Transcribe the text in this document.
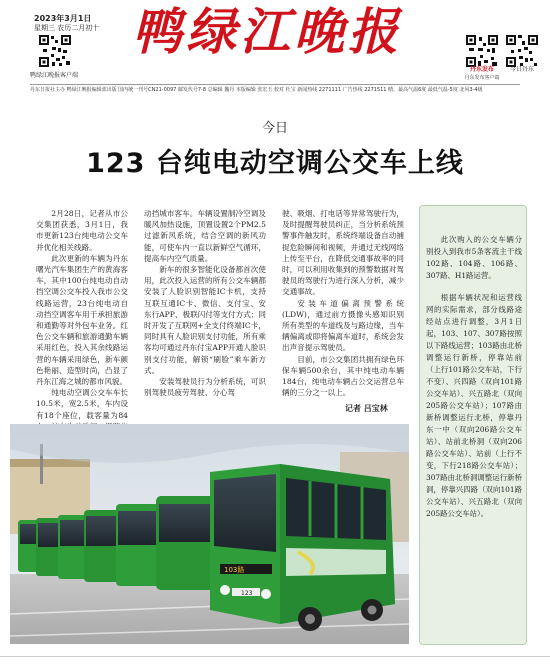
2023年3月1日
星期三 农历二月初十
鸭绿江晚报客户端
鸭绿江晚报
丹东发布
丹东发布客户端
今日丹东
丹东日报社主办 鸭绿江晚报编辑部出版 国内统一刊号CN21-0097 邮发代号7-8 总编辑 魏丹 本版编辑 张宏玉 校对 杜宝 新闻热线 2271111 广告热线 2271511 晴，最高气温6度 最低气温-5度 北风3-4级
今日
123 台纯电动空调公交车上线

2月28日，记者从市公交集团获悉，3月1日，我市更新123台纯电动公交车并优化相关线路。

此次更新的车辆为丹东曙光汽车集团生产的黄海客车，其中100台纯电动自动挡空调公交车投入我市公交线路运营，23台纯电动自动挡空调客车用于承担旅游和通勤等对外包车业务。红色公交车辆和旅游通勤车辆采用红色，投入其余线路运营的车辆采用绿色，新车颜色艳丽、造型时尚，凸显了丹东江海之城的都市风貌。

纯电动空调公交车车长10.5米，宽2.5米，车内设有18个座位，载客量为84

动挡城市客车。车辆设置制冷空调及暖风加热设施，顶置设置2个PM2.5过滤新风系统，结合空调的新风功能，可使车内一直以新鲜空气循环，提高车内空气质量。

新车的很多智能化设备都首次使用，此次投入运营的所有公交车辆都安装了人脸识别智能IC卡机，支持互联互通IC卡、微信、支付宝、安东行APP、极联闪付等支付方式；同时开发了互联网+全支付终端IC卡，同时具有人脸识别支付功能，所有乘客均可通过丹东付宝APP开通人脸识别支付功能，解锁“刷脸”乘车新方式。

安装驾驶员行为分析系统，可识别驾驶员疲劳驾驶、分心驾

驶、吸烟、打电话等异常驾驶行为，及时提醒驾驶员纠正，当分析系统预警事件触发时，系统终端设备自动捕捉危险瞬间和视频，并通过无线网络上传至平台，在降低交通事故率的同时，可以利用收集到的预警数据对驾驶员的驾驶行为进行深入分析，减少交通事故。

安装车道偏离预警系统(LDW)，通过前方摄像头感知识别所有类型的车道线及与路边缘，当车辆偏离或即将偏离车道时，系统会发出声音提示驾驶员。

目前，市公交集团共拥有绿色环保车辆500余台，其中纯电动车辆184台，纯电动车辆占公交运营总车辆的三分之一以上。

记者 吕宝林

此次购入的公交车辆分别投入到我市5条客流主干线102路、104路、106路、307路、H1路运营。

根据车辆状况和运营线网的实际需求，部分线路途经站点进行调整，3月1日起，103、107、307路按照以下路线运营；103路由北桥调整运行新桥，停靠站前（上行101路公交车站，下行不变）、兴四路（双向101路公交车站）、兴五路北（双向205路公交车站）；107路由新桥调整运行北桥，停靠丹东一中（双向206路公交车站）、站前北桥洞（双向206路公交车站）、站前（上行不变，下行218路公交车站）；307路由北桥洞调整运行新桥洞，停靠兴四路（双向101路公交车站）、兴五路北（双向205路公交车站）。

103路
123
